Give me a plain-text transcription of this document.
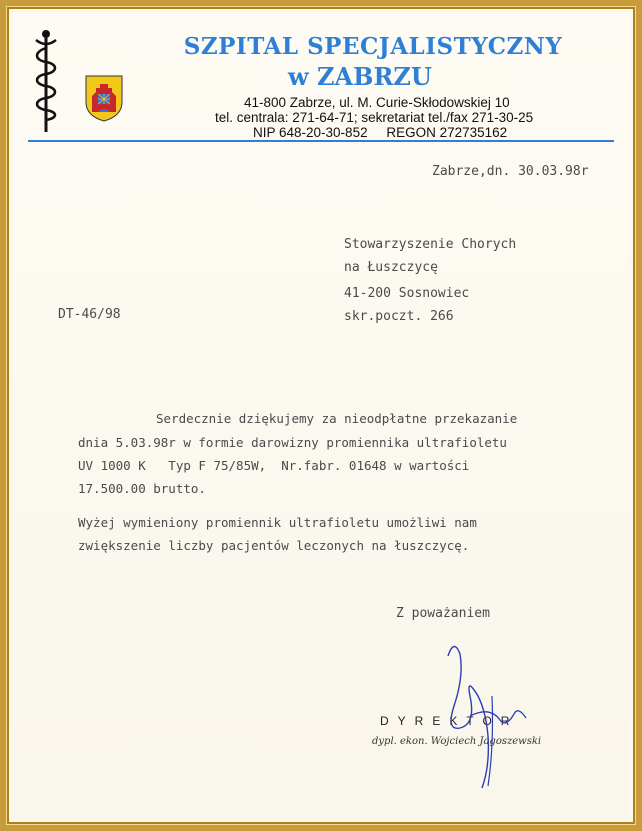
SZPITAL SPECJALISTYCZNY
w ZABRZU
41-800 Zabrze, ul. M. Curie-Skłodowskiej 10
tel. centrala: 271-64-71; sekretariat tel./fax 271-30-25
NIP 648-20-30-852     REGON 272735162
Zabrze,dn. 30.03.98r
Stowarzyszenie Chorych
na Łuszczycę
41-200 Sosnowiec
skr.poczt. 266
DT-46/98
Serdecznie dziękujemy za nieodpłatne przekazanie
dnia 5.03.98r w formie darowizny promiennika ultrafioletu
UV 1000 K   Typ F 75/85W,  Nr.fabr. 01648 w wartości
17.500.00 brutto.
Wyżej wymieniony promiennik ultrafioletu umożliwi nam
zwiększenie liczby pacjentów leczonych na łuszczycę.
Z poważaniem
DYREKTOR
dypl. ekon. Wojciech Jagoszewski
